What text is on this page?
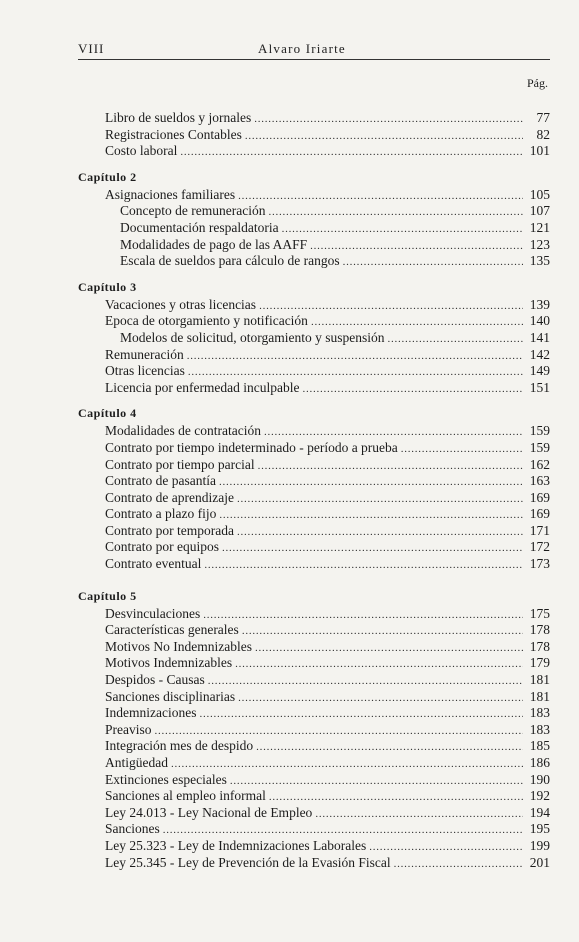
VIII	Alvaro Iriarte
Pág.
Libro de sueldos y jornales . . .	77
Registraciones Contables . . .	82
Costo laboral . . .	101
Capítulo 2
Asignaciones familiares . . .	105
Concepto de remuneración . . .	107
Documentación respaldatoria . . .	121
Modalidades de pago de las AAFF . . .	123
Escala de sueldos para cálculo de rangos . . .	135
Capítulo 3
Vacaciones y otras licencias . . .	139
Epoca de otorgamiento y notificación . . .	140
Modelos de solicitud, otorgamiento y suspensión . . .	141
Remuneración . . .	142
Otras licencias . . .	149
Licencia por enfermedad inculpable . . .	151
Capítulo 4
Modalidades de contratación . . .	159
Contrato por tiempo indeterminado - período a prueba . . .	159
Contrato por tiempo parcial . . .	162
Contrato de pasantía . . .	163
Contrato de aprendizaje . . .	169
Contrato a plazo fijo . . .	169
Contrato por temporada . . .	171
Contrato por equipos . . .	172
Contrato eventual . . .	173
Capítulo 5
Desvinculaciones . . .	175
Características generales . . .	178
Motivos No Indemnizables . . .	178
Motivos Indemnizables . . .	179
Despidos - Causas . . .	181
Sanciones disciplinarias . . .	181
Indemnizaciones . . .	183
Preaviso . . .	183
Integración mes de despido . . .	185
Antigüedad . . .	186
Extinciones especiales . . .	190
Sanciones al empleo informal . . .	192
Ley 24.013 - Ley Nacional de Empleo . . .	194
Sanciones . . .	195
Ley 25.323 - Ley de Indemnizaciones Laborales . . .	199
Ley 25.345 - Ley de Prevención de la Evasión Fiscal . . .	201
